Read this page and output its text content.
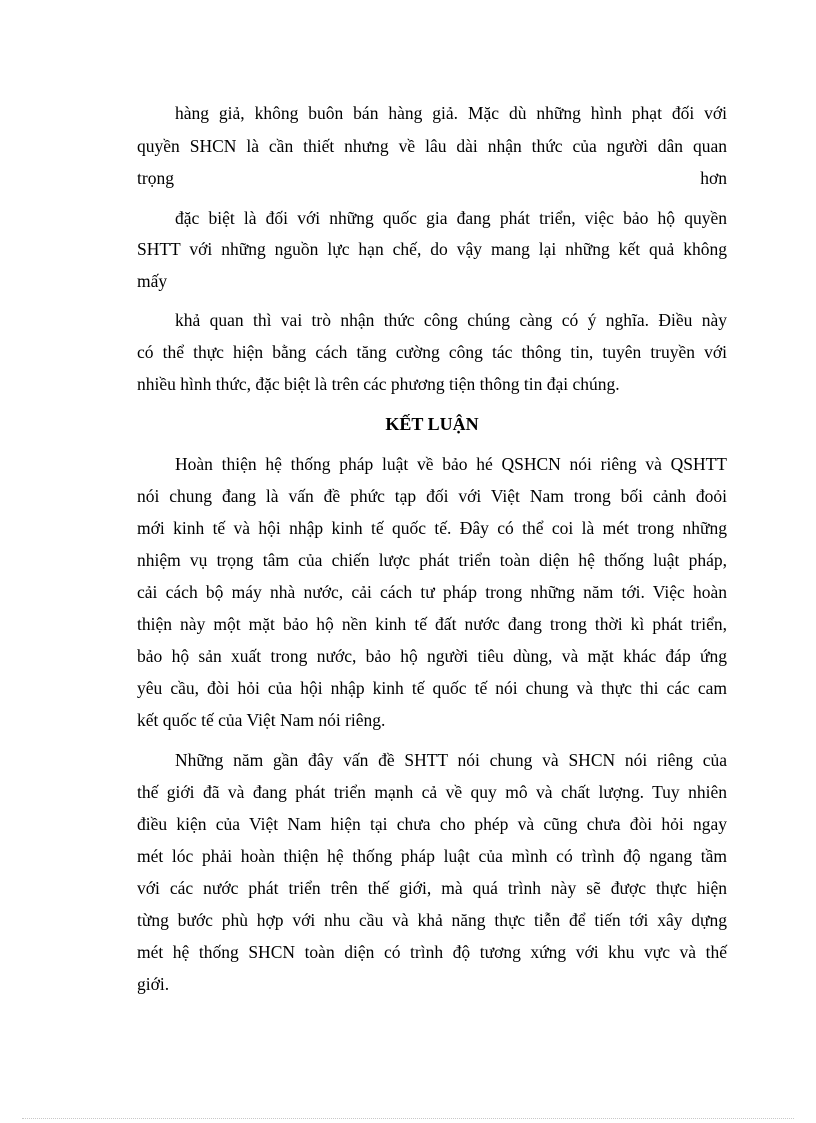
hàng giả, không buôn bán hàng giả. Mặc dù những hình phạt đối với
quyền SHCN là cần thiết nhưng về lâu dài nhận thức của người dân quan
trọng hơn
đặc biệt là đối với những quốc gia đang phát triển, việc bảo hộ quyền
SHTT với những nguồn lực hạn chế, do vậy mang lại những kết quả không
mấy
khả quan thì vai trò nhận thức công chúng càng có ý nghĩa. Điều này
có thể thực hiện bằng cách tăng cường công tác thông tin, tuyên truyền với
nhiều hình thức, đặc biệt là trên các phương tiện thông tin đại chúng.
KẾT LUẬN
Hoàn thiện hệ thống pháp luật về bảo hé QSHCN nói riêng và QSHTT
nói chung đang là vấn đề phức tạp đối với Việt Nam trong bối cảnh đoỏi
mới kinh tế và hội nhập kinh tế quốc tế. Đây có thể coi là mét trong những
nhiệm vụ trọng tâm của chiến lược phát triển toàn diện hệ thống luật pháp,
cải cách bộ máy nhà nước, cải cách tư pháp trong những năm tới. Việc hoàn
thiện này một mặt bảo hộ nền kinh tế đất nước đang trong thời kì phát triển,
bảo hộ sản xuất trong nước, bảo hộ người tiêu dùng, và mặt khác đáp ứng
yêu cầu, đòi hỏi của hội nhập kinh tế quốc tế nói chung và thực thi các cam
kết quốc tế của Việt Nam nói riêng.
Những năm gần đây vấn đề SHTT nói chung và SHCN nói riêng của
thế giới đã và đang phát triển mạnh cả về quy mô và chất lượng. Tuy nhiên
điều kiện của Việt Nam hiện tại chưa cho phép và cũng chưa đòi hỏi ngay
mét lóc phải hoàn thiện hệ thống pháp luật của mình có trình độ ngang tầm
với các nước phát triển trên thế giới, mà quá trình này sẽ được thực hiện
từng bước phù hợp với nhu cầu và khả năng thực tiễn để tiến tới xây dựng
mét hệ thống SHCN toàn diện có trình độ tương xứng với khu vực và thế
giới.
